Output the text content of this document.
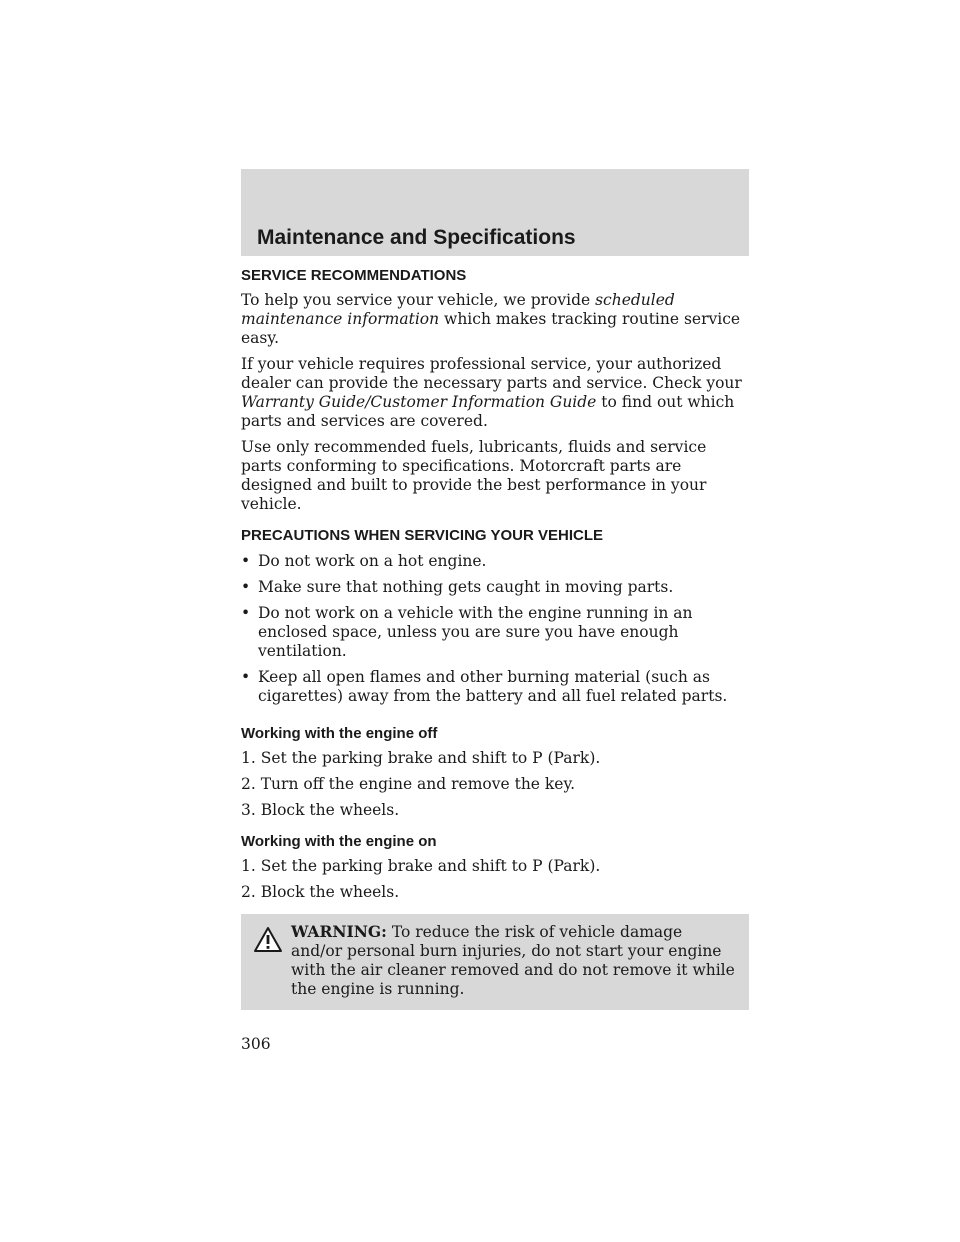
Maintenance and Specifications
SERVICE RECOMMENDATIONS

To help you service your vehicle, we provide scheduled maintenance information which makes tracking routine service easy.

If your vehicle requires professional service, your authorized dealer can provide the necessary parts and service. Check your Warranty Guide/Customer Information Guide to find out which parts and services are covered.

Use only recommended fuels, lubricants, fluids and service parts conforming to specifications. Motorcraft parts are designed and built to provide the best performance in your vehicle.

PRECAUTIONS WHEN SERVICING YOUR VEHICLE
• Do not work on a hot engine.
• Make sure that nothing gets caught in moving parts.
• Do not work on a vehicle with the engine running in an enclosed space, unless you are sure you have enough ventilation.
• Keep all open flames and other burning material (such as cigarettes) away from the battery and all fuel related parts.
Working with the engine off
1. Set the parking brake and shift to P (Park).
2. Turn off the engine and remove the key.
3. Block the wheels.
Working with the engine on
1. Set the parking brake and shift to P (Park).
2. Block the wheels.
WARNING: To reduce the risk of vehicle damage and/or personal burn injuries, do not start your engine with the air cleaner removed and do not remove it while the engine is running.
306
